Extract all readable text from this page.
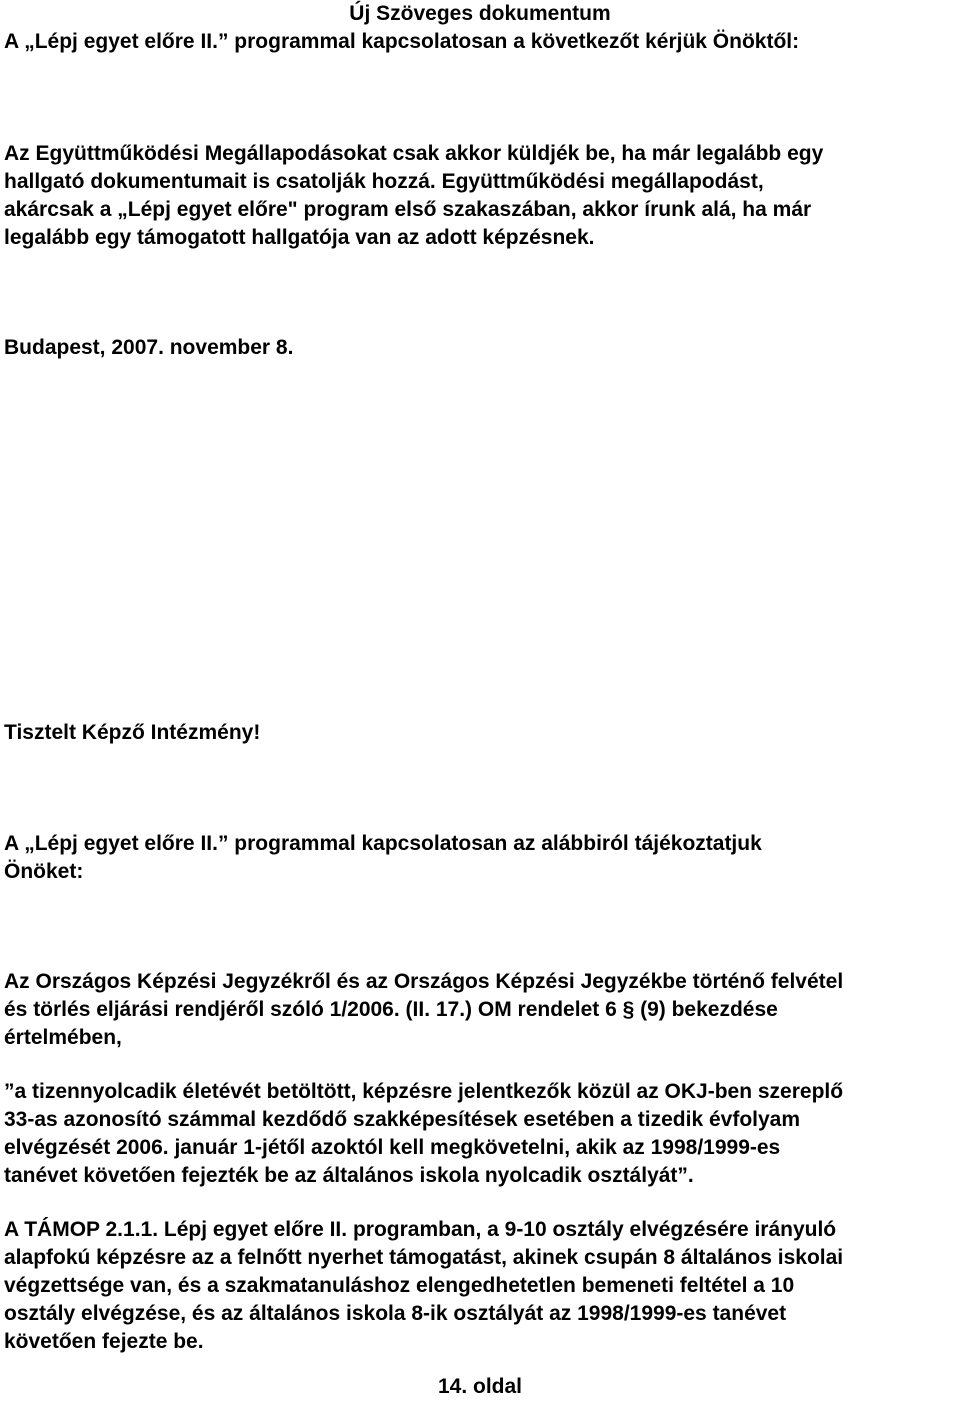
Új Szöveges dokumentum
A „Lépj egyet előre II.” programmal kapcsolatosan a következőt kérjük Önöktől:
Az Együttműködési Megállapodásokat csak akkor küldjék be, ha már legalább egy
hallgató dokumentumait is csatolják hozzá. Együttműködési megállapodást,
akárcsak a „Lépj egyet előre" program első szakaszában, akkor írunk alá, ha már
legalább egy támogatott hallgatója van az adott képzésnek.
Budapest, 2007. november 8.
Tisztelt Képző Intézmény!
A „Lépj egyet előre II.” programmal kapcsolatosan az alábbiról tájékoztatjuk
Önöket:
Az Országos Képzési Jegyzékről és az Országos Képzési Jegyzékbe történő felvétel
és törlés eljárási rendjéről szóló 1/2006. (II. 17.) OM rendelet 6 § (9) bekezdése
értelmében,
”a tizennyolcadik életévét betöltött, képzésre jelentkezők közül az OKJ-ben szereplő
33-as azonosító számmal kezdődő szakképesítések esetében a tizedik évfolyam
elvégzését 2006. január 1-jétől azoktól kell megkövetelni, akik az 1998/1999-es
tanévet követően fejezték be az általános iskola nyolcadik osztályát”.
A TÁMOP 2.1.1. Lépj egyet előre II. programban, a 9-10 osztály elvégzésére irányuló
alapfokú képzésre az a felnőtt nyerhet támogatást, akinek csupán 8 általános iskolai
végzettsége van, és a szakmatanuláshoz elengedhetetlen bemeneti feltétel a 10
osztály elvégzése, és az általános iskola 8-ik osztályát az 1998/1999-es tanévet
követően fejezte be.
14. oldal
